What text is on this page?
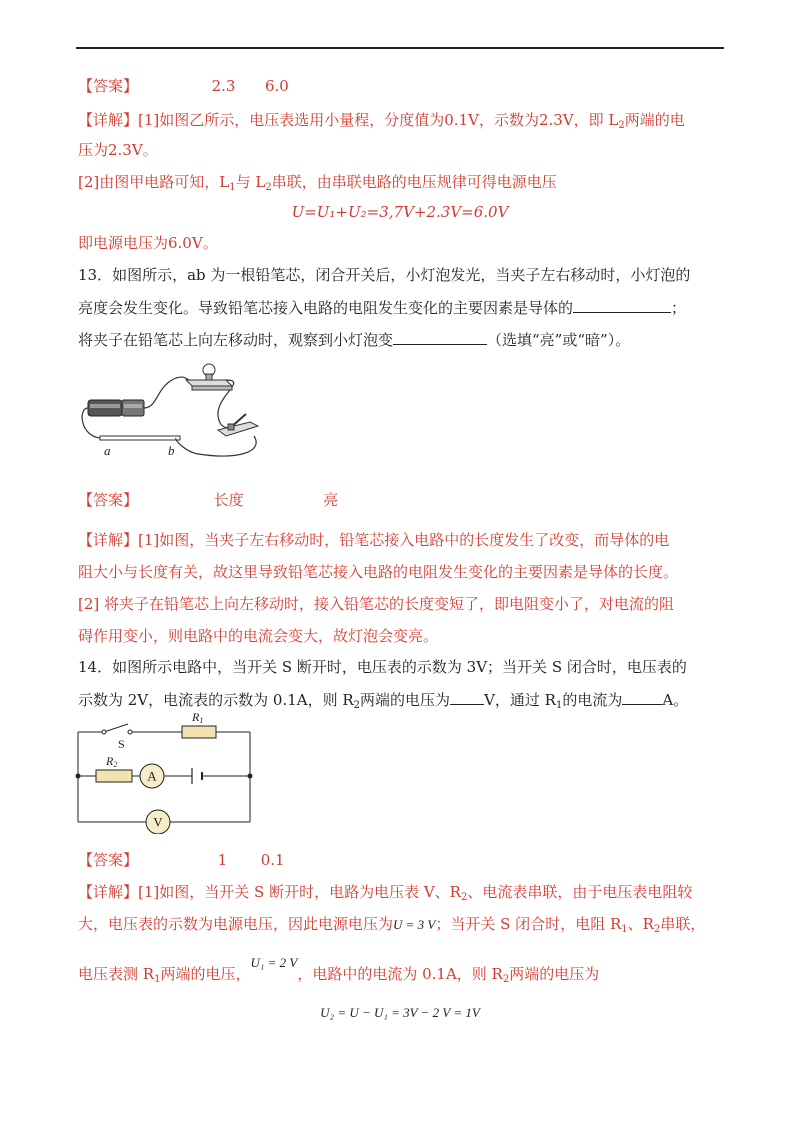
【答案】	2.3 6.0
【详解】[1]如图乙所示，电压表选用小量程，分度值为0.1V，示数为2.3V，即 $L_2$两端的电
压为2.3V。
[2]由图甲电路可知，$L_1$与 $L_2$串联，由串联电路的电压规律可得电源电压
U=U₁+U₂=3,7V+2.3V=6.0V
即电源电压为6.0V。
13．如图所示，ab 为一根铅笔芯，闭合开关后，小灯泡发光，当夹子左右移动时，小灯泡的
亮度会发生变化。导致铅笔芯接入电路的电阻发生变化的主要因素是导体的	；
将夹子在铅笔芯上向左移动时，观察到小灯泡变	（选填“亮”或“暗”）。
a	b
【答案】	长度	亮
【详解】[1]如图，当夹子左右移动时，铅笔芯接入电路中的长度发生了改变，而导体的电
阻大小与长度有关，故这里导致铅笔芯接入电路的电阻发生变化的主要因素是导体的长度。
[2] 将夹子在铅笔芯上向左移动时，接入铅笔芯的长度变短了，即电阻变小了，对电流的阻
碍作用变小，则电路中的电流会变大，故灯泡会变亮。
14．如图所示电路中，当开关 S 断开时，电压表的示数为 3V；当开关 S 闭合时，电压表的
示数为 2V，电流表的示数为 0.1A，则 $R_2$两端的电压为 V，通过 $R_1$的电流为	A。
A
V
S
R1
R2
【答案】	1 0.1
【详解】[1]如图，当开关 S 断开时，电路为电压表 V、$R_2$、电流表串联，由于电压表电阻较
大，电压表的示数为电源电压，因此电源电压为U = 3 V；当开关 S 闭合时，电阻 $R_1$、$R_2$串联，
电压表测 $R_1$两端的电压，U₁ = 2 V，电路中的电流为 0.1A，则 $R_2$两端的电压为
U₂ = U − U₁ = 3V − 2 V = 1V
